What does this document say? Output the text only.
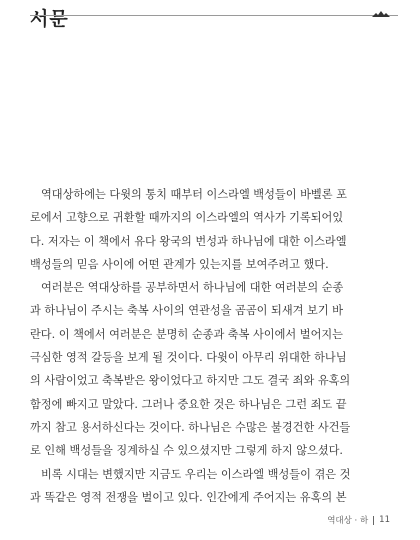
서문

역대상하에는 다윗의 통치 때부터 이스라엘 백성들이 바벨론 포
로에서 고향으로 귀환할 때까지의 이스라엘의 역사가 기록되어있
다. 저자는 이 책에서 유다 왕국의 번성과 하나님에 대한 이스라엘
백성들의 믿음 사이에 어떤 관계가 있는지를 보여주려고 했다.

여러분은 역대상하를 공부하면서 하나님에 대한 여러분의 순종
과 하나님이 주시는 축복 사이의 연관성을 곰곰이 되새겨 보기 바
란다. 이 책에서 여러분은 분명히 순종과 축복 사이에서 벌어지는
극심한 영적 갈등을 보게 될 것이다. 다윗이 아무리 위대한 하나님
의 사람이었고 축복받은 왕이었다고 하지만 그도 결국 죄와 유혹의
함정에 빠지고 말았다. 그러나 중요한 것은 하나님은 그런 죄도 끝
까지 참고 용서하신다는 것이다. 하나님은 수많은 불경건한 사건들
로 인해 백성들을 징계하실 수 있으셨지만 그렇게 하지 않으셨다.

비록 시대는 변했지만 지금도 우리는 이스라엘 백성들이 겪은 것
과 똑같은 영적 전쟁을 벌이고 있다. 인간에게 주어지는 유혹의 본

역대상 · 하 11
